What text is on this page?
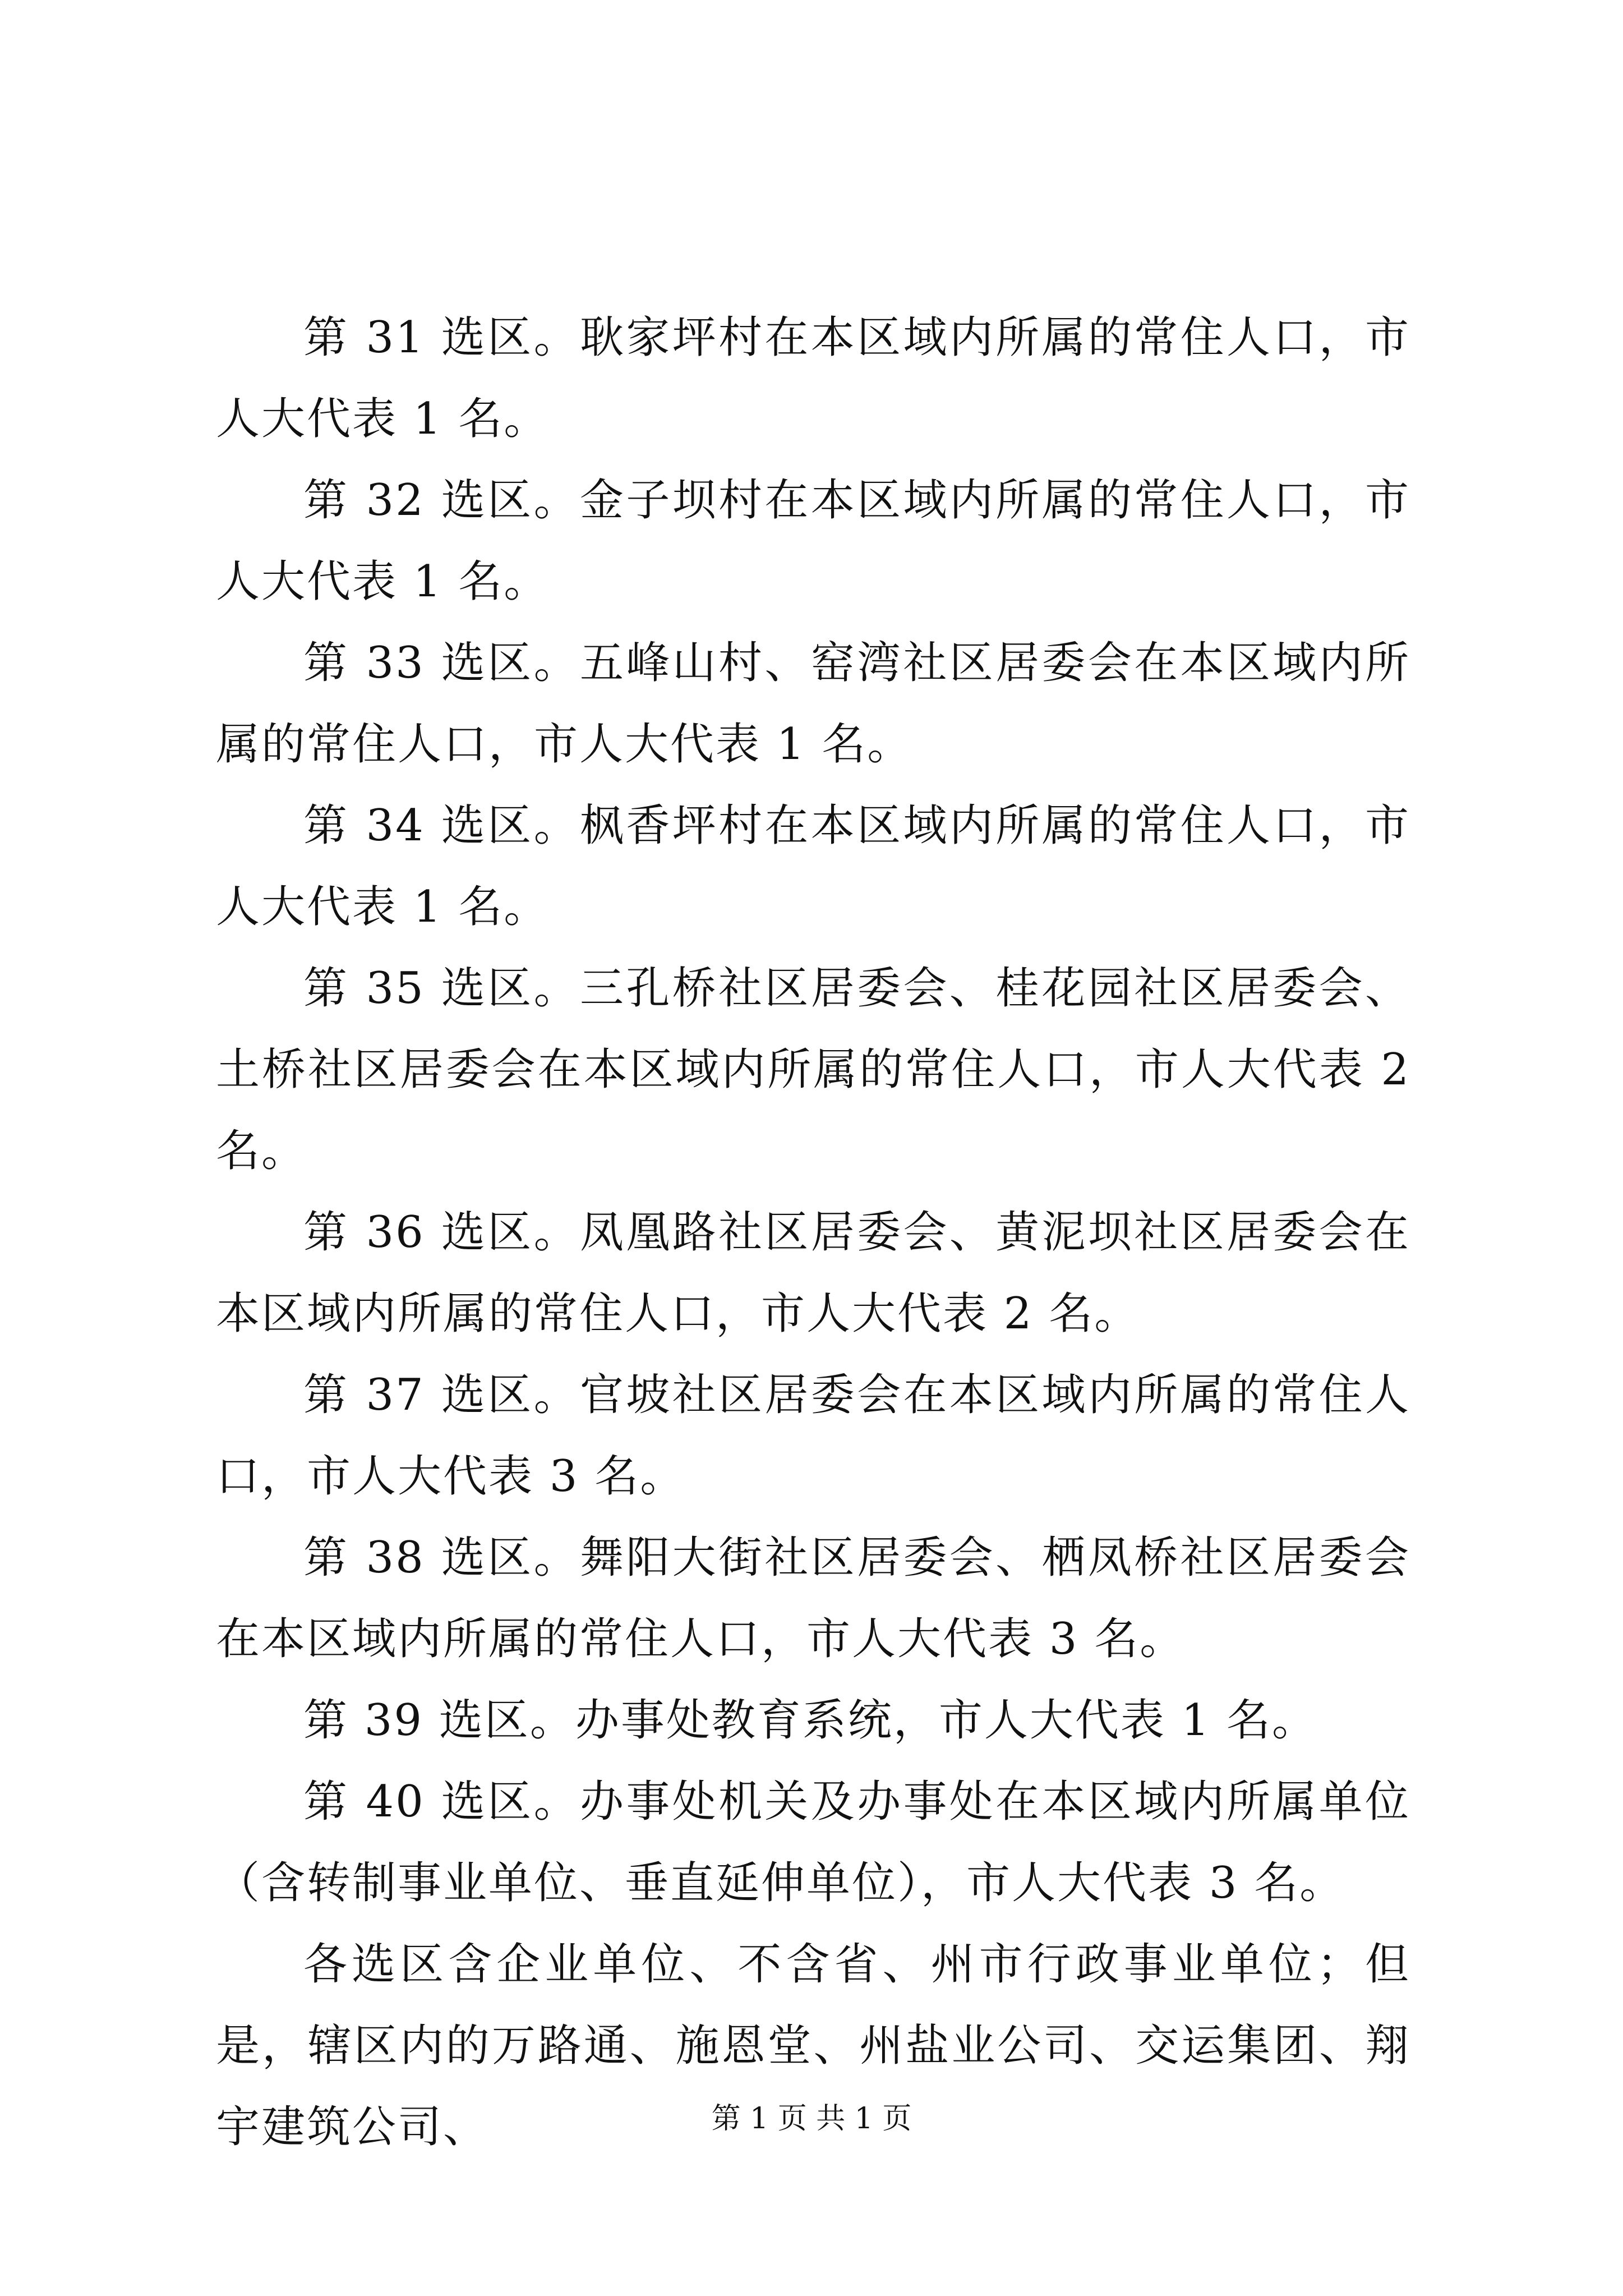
第 31 选区。耿家坪村在本区域内所属的常住人口，市人大代表 1 名。

第 32 选区。金子坝村在本区域内所属的常住人口，市人大代表 1 名。

第 33 选区。五峰山村、窑湾社区居委会在本区域内所属的常住人口，市人大代表 1 名。

第 34 选区。枫香坪村在本区域内所属的常住人口，市人大代表 1 名。

第 35 选区。三孔桥社区居委会、桂花园社区居委会、土桥社区居委会在本区域内所属的常住人口，市人大代表 2 名。

第 36 选区。凤凰路社区居委会、黄泥坝社区居委会在本区域内所属的常住人口，市人大代表 2 名。

第 37 选区。官坡社区居委会在本区域内所属的常住人口，市人大代表 3 名。

第 38 选区。舞阳大街社区居委会、栖凤桥社区居委会在本区域内所属的常住人口，市人大代表 3 名。

第 39 选区。办事处教育系统，市人大代表 1 名。

第 40 选区。办事处机关及办事处在本区域内所属单位（含转制事业单位、垂直延伸单位），市人大代表 3 名。

各选区含企业单位、不含省、州市行政事业单位；但是，辖区内的万路通、施恩堂、州盐业公司、交运集团、翔宇建筑公司、	第 1 页 共 1 页
